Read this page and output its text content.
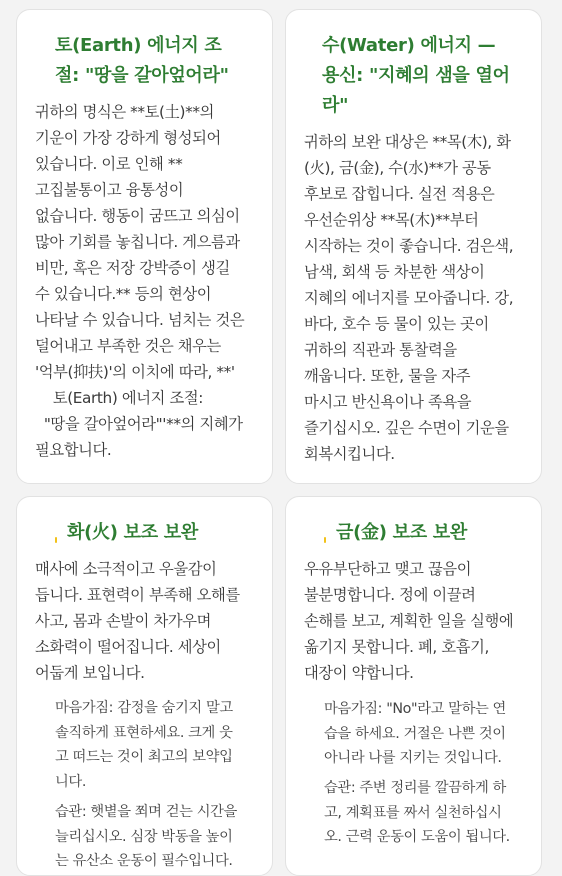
토(Earth) 에너지 조
절: "땅을 갈아엎어라"
귀하의 명식은 **토(土)**의
기운이 가장 강하게 형성되어
있습니다. 이로 인해 **
고집불통이고 융통성이
없습니다. 행동이 굼뜨고 의심이
많아 기회를 놓칩니다. 게으름과
비만, 혹은 저장 강박증이 생길
수 있습니다.** 등의 현상이
나타날 수 있습니다. 넘치는 것은
덜어내고 부족한 것은 채우는
'억부(抑扶)'의 이치에 따라, **'
토(Earth) 에너지 조절:
"땅을 갈아엎어라"'**의 지혜가
필요합니다.
수(Water) 에너지 —
용신: "지혜의 샘을 열어
라"
귀하의 보완 대상은 **목(木), 화
(火), 금(金), 수(水)**가 공동
후보로 잡힙니다. 실전 적용은
우선순위상 **목(木)**부터
시작하는 것이 좋습니다. 검은색,
남색, 회색 등 차분한 색상이
지혜의 에너지를 모아줍니다. 강,
바다, 호수 등 물이 있는 곳이
귀하의 직관과 통찰력을
깨웁니다. 또한, 물을 자주
마시고 반신욕이나 족욕을
즐기십시오. 깊은 수면이 기운을
회복시킵니다.
화(火) 보조 보완
매사에 소극적이고 우울감이
듭니다. 표현력이 부족해 오해를
사고, 몸과 손발이 차가우며
소화력이 떨어집니다. 세상이
어둡게 보입니다.
마음가짐: 감정을 숨기지 말고
솔직하게 표현하세요. 크게 웃
고 떠드는 것이 최고의 보약입
니다.
습관: 햇볕을 쬐며 걷는 시간을
늘리십시오. 심장 박동을 높이
는 유산소 운동이 필수입니다.
금(金) 보조 보완
우유부단하고 맺고 끊음이
불분명합니다. 정에 이끌려
손해를 보고, 계획한 일을 실행에
옮기지 못합니다. 폐, 호흡기,
대장이 약합니다.
마음가짐: "No"라고 말하는 연
습을 하세요. 거절은 나쁜 것이
아니라 나를 지키는 것입니다.
습관: 주변 정리를 깔끔하게 하
고, 계획표를 짜서 실천하십시
오. 근력 운동이 도움이 됩니다.
